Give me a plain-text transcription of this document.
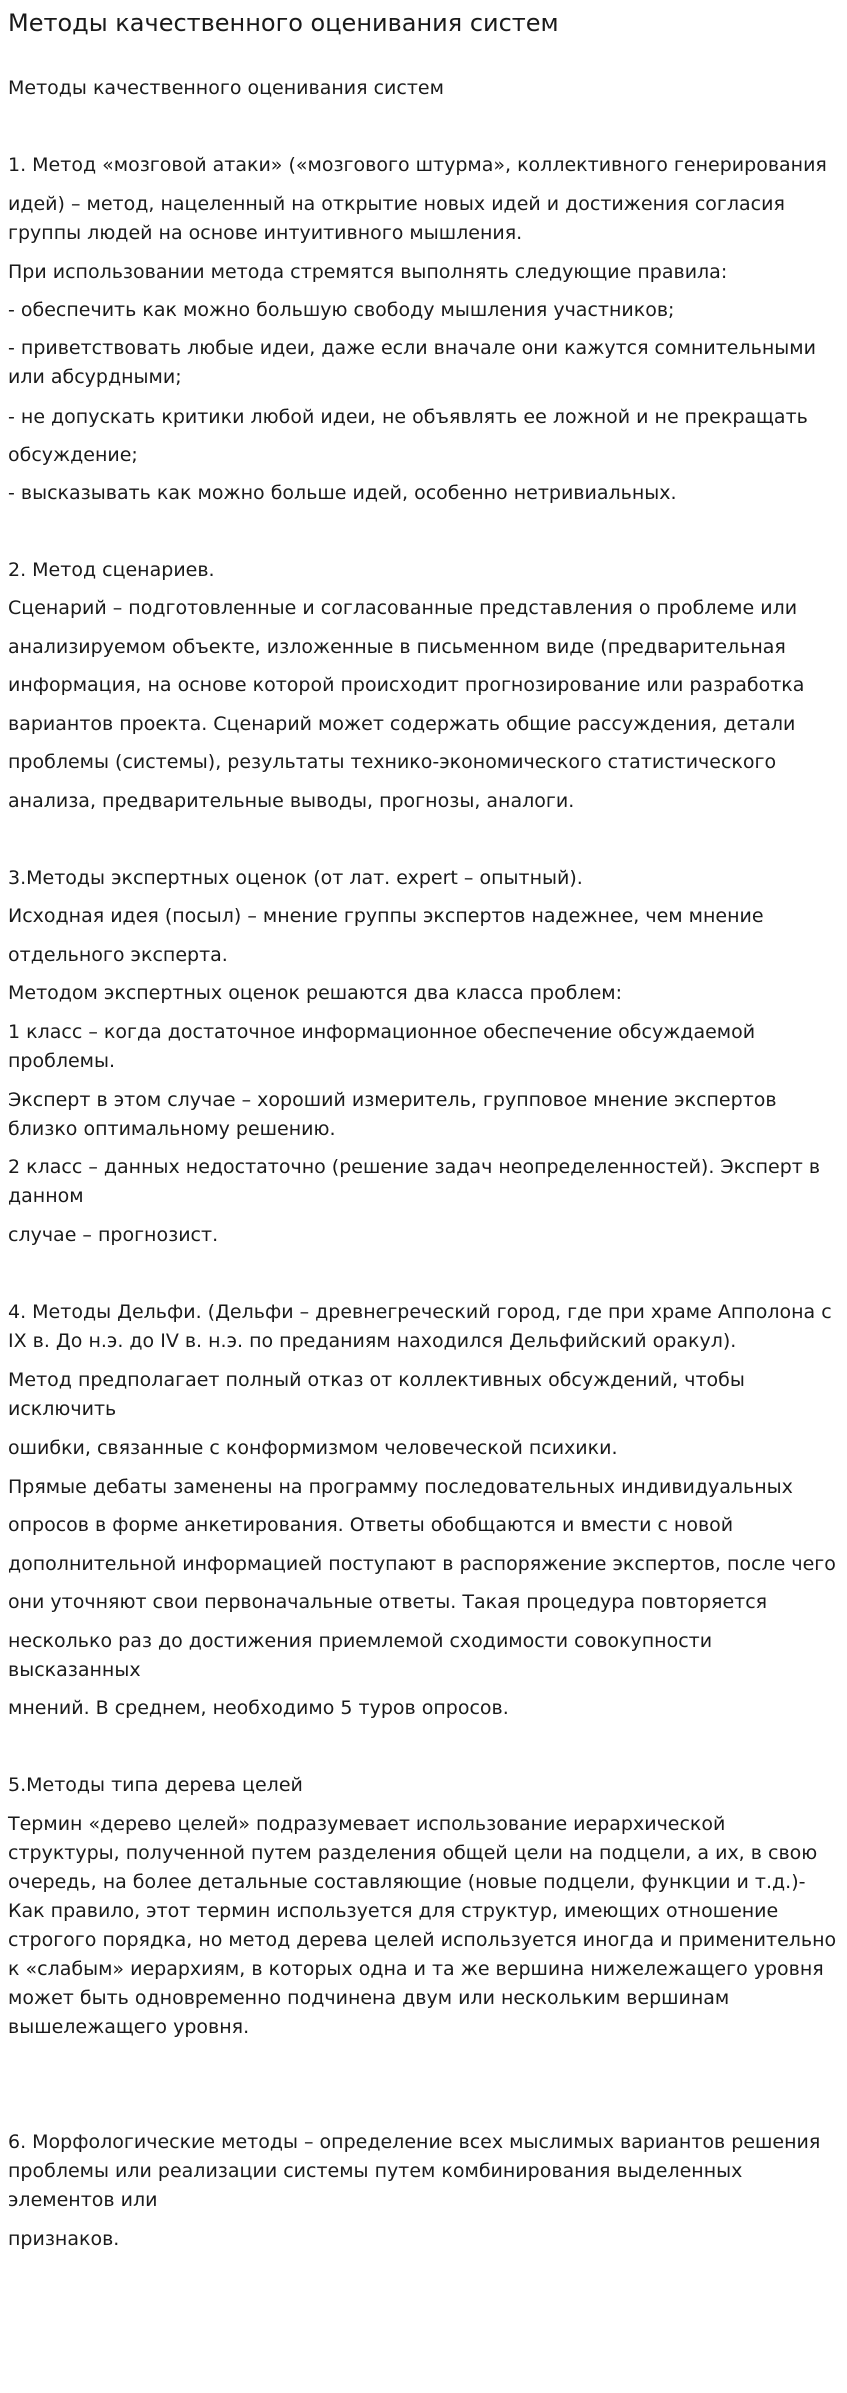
Методы качественного оценивания систем

Методы качественного оценивания систем

1. Метод «мозговой атаки» («мозгового штурма», коллективного генерирования

идей) – метод, нацеленный на открытие новых идей и достижения согласия

группы людей на основе интуитивного мышления.

При использовании метода стремятся выполнять следующие правила:

- обеспечить как можно большую свободу мышления участников;

- приветствовать любые идеи, даже если вначале они кажутся сомнительными

или абсурдными;

- не допускать критики любой идеи, не объявлять ее ложной и не прекращать

обсуждение;

- высказывать как можно больше идей, особенно нетривиальных.

2. Метод сценариев.

Сценарий – подготовленные и согласованные представления о проблеме или

анализируемом объекте, изложенные в письменном виде (предварительная

информация, на основе которой происходит прогнозирование или разработка

вариантов проекта. Сценарий может содержать общие рассуждения, детали

проблемы (системы), результаты технико-экономического статистического

анализа, предварительные выводы, прогнозы, аналоги.

3.Методы экспертных оценок (от лат. expert – опытный).

Исходная идея (посыл) – мнение группы экспертов надежнее, чем мнение

отдельного эксперта.

Методом экспертных оценок решаются два класса проблем:

1 класс – когда достаточное информационное обеспечение обсуждаемой

проблемы.

Эксперт в этом случае – хороший измеритель, групповое мнение экспертов

близко оптимальному решению.

2 класс – данных недостаточно (решение задач неопределенностей). Эксперт в

данном

случае – прогнозист.

4. Методы Дельфи. (Дельфи – древнегреческий город, где при храме Апполона с

IX в. До н.э. до IV в. н.э. по преданиям находился Дельфийский оракул).

Метод предполагает полный отказ от коллективных обсуждений, чтобы

исключить

ошибки, связанные с конформизмом человеческой психики.

Прямые дебаты заменены на программу последовательных индивидуальных

опросов в форме анкетирования. Ответы обобщаются и вмести с новой

дополнительной информацией поступают в распоряжение экспертов, после чего

они уточняют свои первоначальные ответы. Такая процедура повторяется

несколько раз до достижения приемлемой сходимости совокупности

высказанных

мнений. В среднем, необходимо 5 туров опросов.

5.Методы типа дерева целей

Термин «дерево целей» подразумевает использование иерархической

структуры, полученной путем разделения общей цели на подцели, а их, в свою

очередь, на более детальные составляющие (новые подцели, функции и т.д.)-

Как правило, этот термин используется для структур, имеющих отношение

строгого порядка, но метод дерева целей используется иногда и применительно

к «слабым» иерархиям, в которых одна и та же вершина нижележащего уровня

может быть одновременно подчинена двум или нескольким вершинам

вышележащего уровня.

6. Морфологические методы – определение всех мыслимых вариантов решения

проблемы или реализации системы путем комбинирования выделенных

элементов или

признаков.
